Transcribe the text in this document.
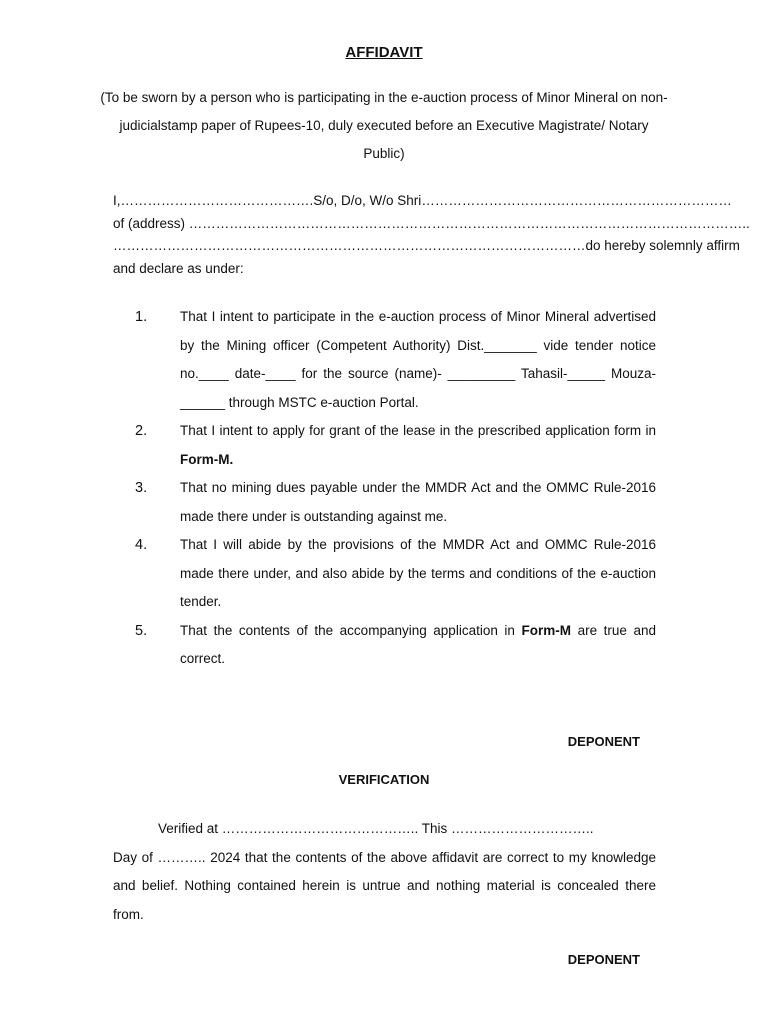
AFFIDAVIT
(To be sworn by a person who is participating in the e-auction process of Minor Mineral on non-judicialstamp paper of Rupees-10, duly executed before an Executive Magistrate/ Notary Public)
I,……………………………………. S/o, D/o, W/o Shri ……………………………………………………………
of (address) ……………………………………………………………………………………………………………..
…………………………………………………………………………………………… do hereby solemnly affirm
and declare as under:
1.	That I intent to participate in the e-auction process of Minor Mineral advertised by the Mining officer (Competent Authority) Dist._______ vide tender notice no.____ date-____ for the source (name)- _________ Tahasil-_____ Mouza- ______ through MSTC e-auction Portal.
2.	That I intent to apply for grant of the lease in the prescribed application form in Form-M.
3.	That no mining dues payable under the MMDR Act and the OMMC Rule-2016 made there under is outstanding against me.
4.	That I will abide by the provisions of the MMDR Act and OMMC Rule-2016 made there under, and also abide by the terms and conditions of the e-auction tender.
5.	That the contents of the accompanying application in Form-M are true and correct.
DEPONENT
VERIFICATION
Verified at …………………………………….. This …………………………..
Day of ……….. 2024 that the contents of the above affidavit are correct to my knowledge and belief. Nothing contained herein is untrue and nothing material is concealed there from.
DEPONENT
